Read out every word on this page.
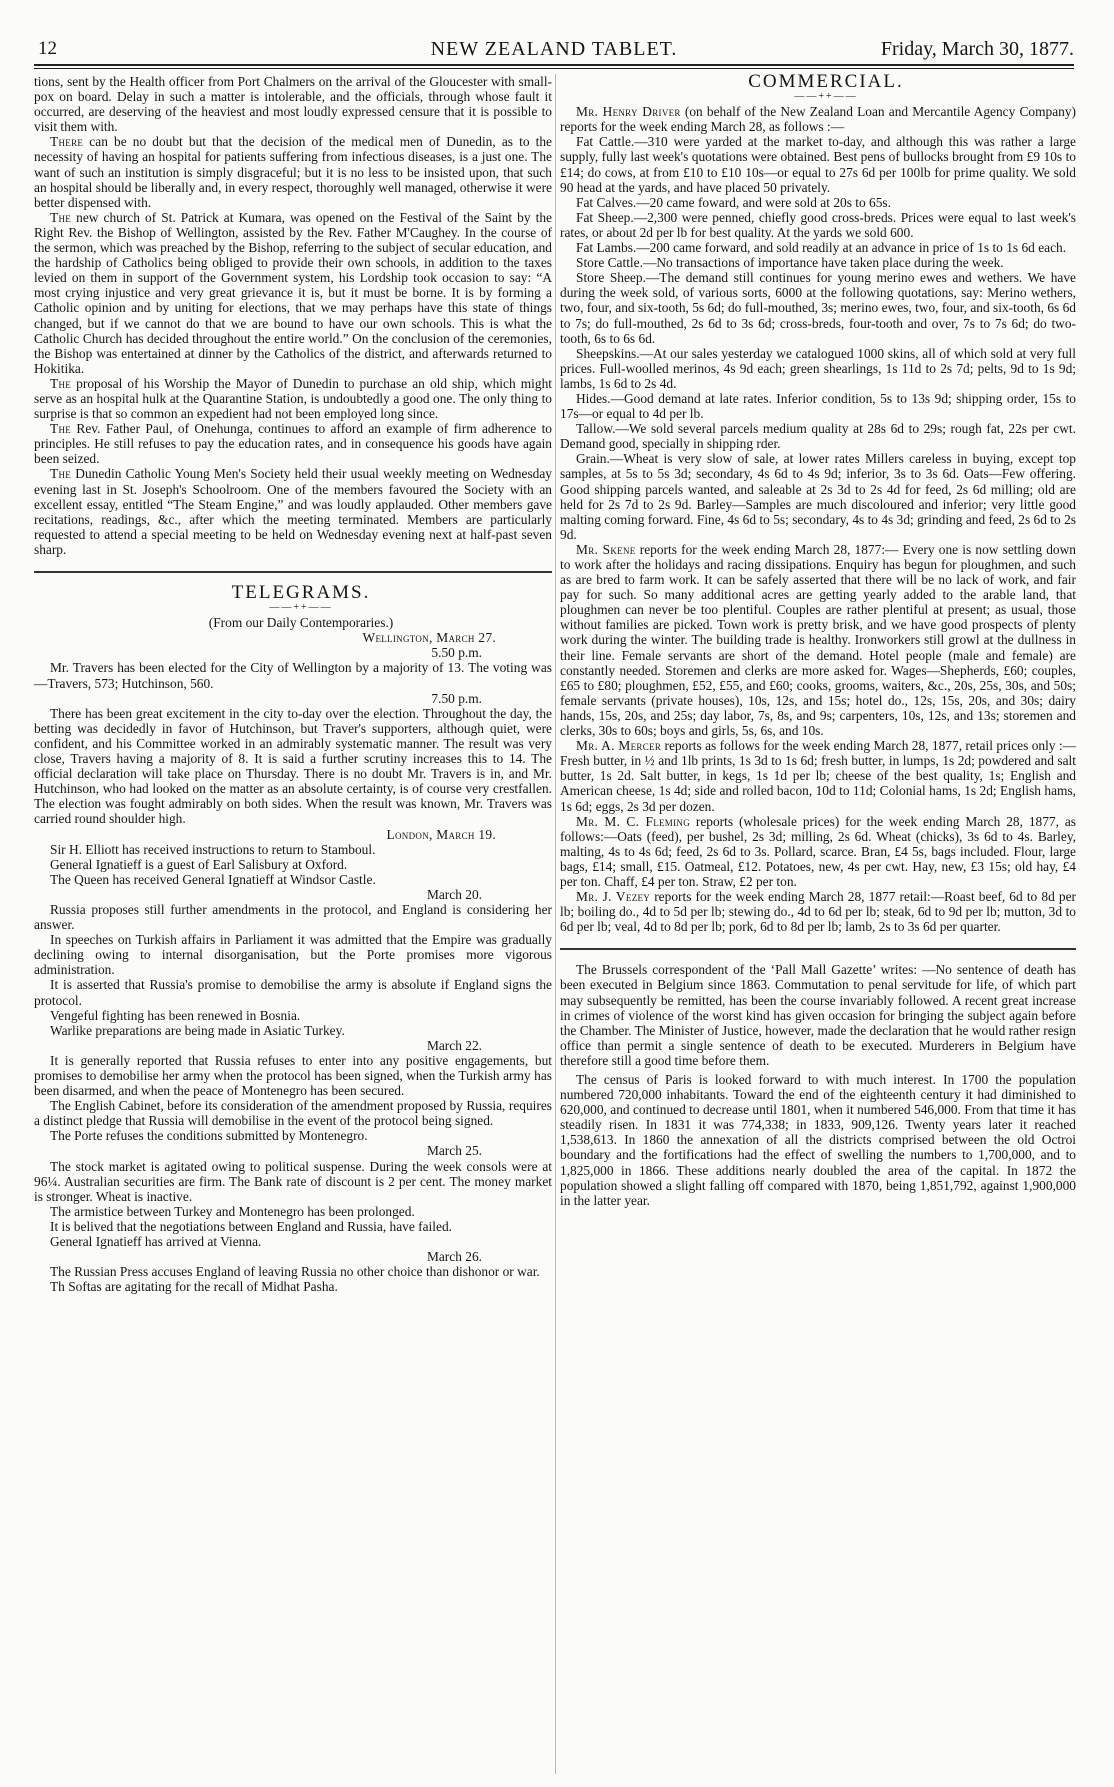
12	NEW ZEALAND TABLET.	Friday, March 30, 1877.

tions, sent by the Health officer from Port Chalmers on the arrival of the Gloucester with small-pox on board. Delay in such a matter is intolerable, and the officials, through whose fault it occurred, are deserving of the heaviest and most loudly expressed censure that it is possible to visit them with.

There can be no doubt but that the decision of the medical men of Dunedin, as to the necessity of having an hospital for patients suffering from infectious diseases, is a just one. The want of such an institution is simply disgraceful; but it is no less to be insisted upon, that such an hospital should be liberally and, in every respect, thoroughly well managed, otherwise it were better dispensed with.

The new church of St. Patrick at Kumara, was opened on the Festival of the Saint by the Right Rev. the Bishop of Wellington, assisted by the Rev. Father M'Caughey. In the course of the sermon, which was preached by the Bishop, referring to the subject of secular education, and the hardship of Catholics being obliged to provide their own schools, in addition to the taxes levied on them in support of the Government system, his Lordship took occasion to say: “A most crying injustice and very great grievance it is, but it must be borne. It is by forming a Catholic opinion and by uniting for elections, that we may perhaps have this state of things changed, but if we cannot do that we are bound to have our own schools. This is what the Catholic Church has decided throughout the entire world.” On the conclusion of the ceremonies, the Bishop was entertained at dinner by the Catholics of the district, and afterwards returned to Hokitika.

The proposal of his Worship the Mayor of Dunedin to purchase an old ship, which might serve as an hospital hulk at the Quarantine Station, is undoubtedly a good one. The only thing to surprise is that so common an expedient had not been employed long since.

The Rev. Father Paul, of Onehunga, continues to afford an example of firm adherence to principles. He still refuses to pay the education rates, and in consequence his goods have again been seized.

The Dunedin Catholic Young Men's Society held their usual weekly meeting on Wednesday evening last in St. Joseph's Schoolroom. One of the members favoured the Society with an excellent essay, entitled “The Steam Engine,” and was loudly applauded. Other members gave recitations, readings, &c., after which the meeting terminated. Members are particularly requested to attend a special meeting to be held on Wednesday evening next at half-past seven sharp.

TELEGRAMS.

——++——

(From our Daily Contemporaries.)

Wellington, March 27.

5.50 p.m.

Mr. Travers has been elected for the City of Wellington by a majority of 13. The voting was—Travers, 573; Hutchinson, 560.

7.50 p.m.

There has been great excitement in the city to-day over the election. Throughout the day, the betting was decidedly in favor of Hutchinson, but Traver's supporters, although quiet, were confident, and his Committee worked in an admirably systematic manner. The result was very close, Travers having a majority of 8. It is said a further scrutiny increases this to 14. The official declaration will take place on Thursday. There is no doubt Mr. Travers is in, and Mr. Hutchinson, who had looked on the matter as an absolute certainty, is of course very crestfallen. The election was fought admirably on both sides. When the result was known, Mr. Travers was carried round shoulder high.

London, March 19.

Sir H. Elliott has received instructions to return to Stamboul.

General Ignatieff is a guest of Earl Salisbury at Oxford.

The Queen has received General Ignatieff at Windsor Castle.

March 20.

Russia proposes still further amendments in the protocol, and England is considering her answer.

In speeches on Turkish affairs in Parliament it was admitted that the Empire was gradually declining owing to internal disorganisation, but the Porte promises more vigorous administration.

It is asserted that Russia's promise to demobilise the army is absolute if England signs the protocol.

Vengeful fighting has been renewed in Bosnia.

Warlike preparations are being made in Asiatic Turkey.

March 22.

It is generally reported that Russia refuses to enter into any positive engagements, but promises to demobilise her army when the protocol has been signed, when the Turkish army has been disarmed, and when the peace of Montenegro has been secured.

The English Cabinet, before its consideration of the amendment proposed by Russia, requires a distinct pledge that Russia will demobilise in the event of the protocol being signed.

The Porte refuses the conditions submitted by Montenegro.

March 25.

The stock market is agitated owing to political suspense. During the week consols were at 96¼. Australian securities are firm. The Bank rate of discount is 2 per cent. The money market is stronger. Wheat is inactive.

The armistice between Turkey and Montenegro has been prolonged.

It is belived that the negotiations between England and Russia, have failed.

General Ignatieff has arrived at Vienna.

March 26.

The Russian Press accuses England of leaving Russia no other choice than dishonor or war.

Th Softas are agitating for the recall of Midhat Pasha.

COMMERCIAL.

——++——

Mr. Henry Driver (on behalf of the New Zealand Loan and Mercantile Agency Company) reports for the week ending March 28, as follows :—

Fat Cattle.—310 were yarded at the market to-day, and although this was rather a large supply, fully last week's quotations were obtained. Best pens of bullocks brought from £9 10s to £14; do cows, at from £10 to £10 10s—or equal to 27s 6d per 100lb for prime quality. We sold 90 head at the yards, and have placed 50 privately.

Fat Calves.—20 came foward, and were sold at 20s to 65s.

Fat Sheep.—2,300 were penned, chiefly good cross-breds. Prices were equal to last week's rates, or about 2d per lb for best quality. At the yards we sold 600.

Fat Lambs.—200 came forward, and sold readily at an advance in price of 1s to 1s 6d each.

Store Cattle.—No transactions of importance have taken place during the week.

Store Sheep.—The demand still continues for young merino ewes and wethers. We have during the week sold, of various sorts, 6000 at the following quotations, say: Merino wethers, two, four, and six-tooth, 5s 6d; do full-mouthed, 3s; merino ewes, two, four, and six-tooth, 6s 6d to 7s; do full-mouthed, 2s 6d to 3s 6d; cross-breds, four-tooth and over, 7s to 7s 6d; do two-tooth, 6s to 6s 6d.

Sheepskins.—At our sales yesterday we catalogued 1000 skins, all of which sold at very full prices. Full-woolled merinos, 4s 9d each; green shearlings, 1s 11d to 2s 7d; pelts, 9d to 1s 9d; lambs, 1s 6d to 2s 4d.

Hides.—Good demand at late rates. Inferior condition, 5s to 13s 9d; shipping order, 15s to 17s—or equal to 4d per lb.

Tallow.—We sold several parcels medium quality at 28s 6d to 29s; rough fat, 22s per cwt. Demand good, specially in shipping rder.

Grain.—Wheat is very slow of sale, at lower rates Millers careless in buying, except top samples, at 5s to 5s 3d; secondary, 4s 6d to 4s 9d; inferior, 3s to 3s 6d. Oats—Few offering. Good shipping parcels wanted, and saleable at 2s 3d to 2s 4d for feed, 2s 6d milling; old are held for 2s 7d to 2s 9d. Barley—Samples are much discoloured and inferior; very little good malting coming forward. Fine, 4s 6d to 5s; secondary, 4s to 4s 3d; grinding and feed, 2s 6d to 2s 9d.

Mr. Skene reports for the week ending March 28, 1877:— Every one is now settling down to work after the holidays and racing dissipations. Enquiry has begun for ploughmen, and such as are bred to farm work. It can be safely asserted that there will be no lack of work, and fair pay for such. So many additional acres are getting yearly added to the arable land, that ploughmen can never be too plentiful. Couples are rather plentiful at present; as usual, those without families are picked. Town work is pretty brisk, and we have good prospects of plenty work during the winter. The building trade is healthy. Ironworkers still growl at the dullness in their line. Female servants are short of the demand. Hotel people (male and female) are constantly needed. Storemen and clerks are more asked for. Wages—Shepherds, £60; couples, £65 to £80; ploughmen, £52, £55, and £60; cooks, grooms, waiters, &c., 20s, 25s, 30s, and 50s; female servants (private houses), 10s, 12s, and 15s; hotel do., 12s, 15s, 20s, and 30s; dairy hands, 15s, 20s, and 25s; day labor, 7s, 8s, and 9s; carpenters, 10s, 12s, and 13s; storemen and clerks, 30s to 60s; boys and girls, 5s, 6s, and 10s.

Mr. A. Mercer reports as follows for the week ending March 28, 1877, retail prices only :—Fresh butter, in ½ and 1lb prints, 1s 3d to 1s 6d; fresh butter, in lumps, 1s 2d; powdered and salt butter, 1s 2d. Salt butter, in kegs, 1s 1d per lb; cheese of the best quality, 1s; English and American cheese, 1s 4d; side and rolled bacon, 10d to 11d; Colonial hams, 1s 2d; English hams, 1s 6d; eggs, 2s 3d per dozen.

Mr. M. C. Fleming reports (wholesale prices) for the week ending March 28, 1877, as follows:—Oats (feed), per bushel, 2s 3d; milling, 2s 6d. Wheat (chicks), 3s 6d to 4s. Barley, malting, 4s to 4s 6d; feed, 2s 6d to 3s. Pollard, scarce. Bran, £4 5s, bags included. Flour, large bags, £14; small, £15. Oatmeal, £12. Potatoes, new, 4s per cwt. Hay, new, £3 15s; old hay, £4 per ton. Chaff, £4 per ton. Straw, £2 per ton.

Mr. J. Vezey reports for the week ending March 28, 1877 retail:—Roast beef, 6d to 8d per lb; boiling do., 4d to 5d per lb; stewing do., 4d to 6d per lb; steak, 6d to 9d per lb; mutton, 3d to 6d per lb; veal, 4d to 8d per lb; pork, 6d to 8d per lb; lamb, 2s to 3s 6d per quarter.

The Brussels correspondent of the ‘Pall Mall Gazette’ writes: —No sentence of death has been executed in Belgium since 1863. Commutation to penal servitude for life, of which part may subsequently be remitted, has been the course invariably followed. A recent great increase in crimes of violence of the worst kind has given occasion for bringing the subject again before the Chamber. The Minister of Justice, however, made the declaration that he would rather resign office than permit a single sentence of death to be executed. Murderers in Belgium have therefore still a good time before them.

The census of Paris is looked forward to with much interest. In 1700 the population numbered 720,000 inhabitants. Toward the end of the eighteenth century it had diminished to 620,000, and continued to decrease until 1801, when it numbered 546,000. From that time it has steadily risen. In 1831 it was 774,338; in 1833, 909,126. Twenty years later it reached 1,538,613. In 1860 the annexation of all the districts comprised between the old Octroi boundary and the fortifications had the effect of swelling the numbers to 1,700,000, and to 1,825,000 in 1866. These additions nearly doubled the area of the capital. In 1872 the population showed a slight falling off compared with 1870, being 1,851,792, against 1,900,000 in the latter year.
